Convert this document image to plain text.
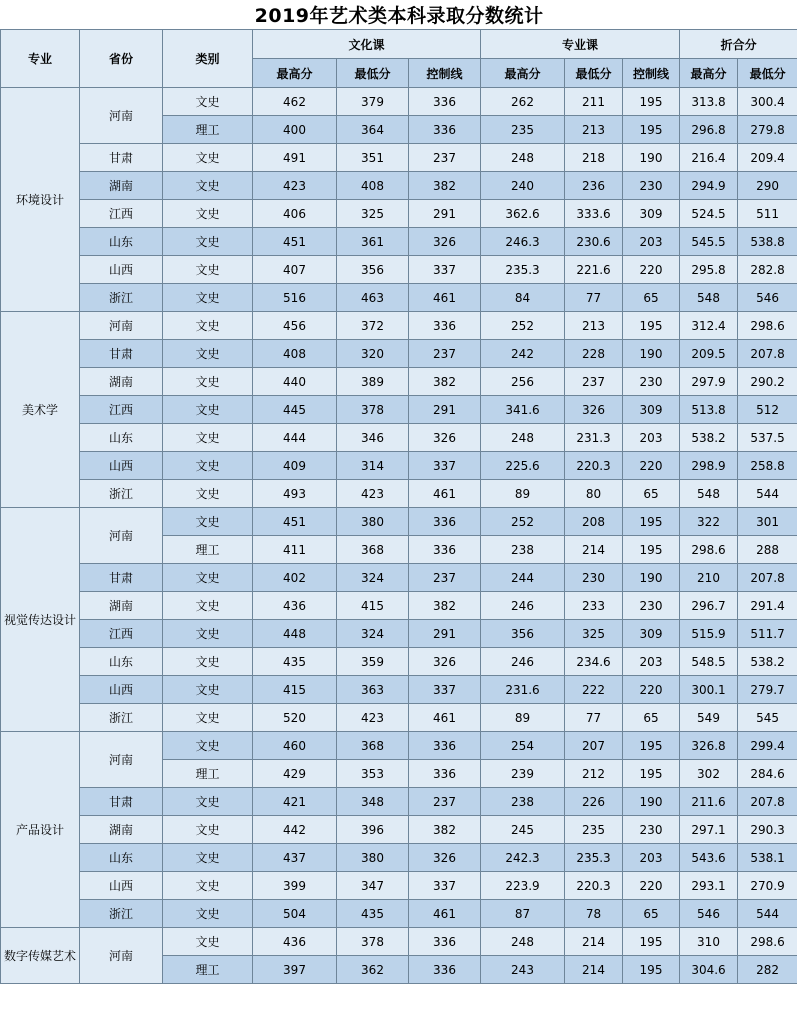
2019年艺术类本科录取分数统计										
专业	省份	类别	文化课			专业课			折合分	
			最高分	最低分	控制线	最高分	最低分	控制线	最高分	最低分
环境设计	河南	文史	462	379	336	262	211	195	313.8	300.4
		理工	400	364	336	235	213	195	296.8	279.8
	甘肃	文史	491	351	237	248	218	190	216.4	209.4
	湖南	文史	423	408	382	240	236	230	294.9	290
	江西	文史	406	325	291	362.6	333.6	309	524.5	511
	山东	文史	451	361	326	246.3	230.6	203	545.5	538.8
	山西	文史	407	356	337	235.3	221.6	220	295.8	282.8
	浙江	文史	516	463	461	84	77	65	548	546
美术学	河南	文史	456	372	336	252	213	195	312.4	298.6
	甘肃	文史	408	320	237	242	228	190	209.5	207.8
	湖南	文史	440	389	382	256	237	230	297.9	290.2
	江西	文史	445	378	291	341.6	326	309	513.8	512
	山东	文史	444	346	326	248	231.3	203	538.2	537.5
	山西	文史	409	314	337	225.6	220.3	220	298.9	258.8
	浙江	文史	493	423	461	89	80	65	548	544
视觉传达设计	河南	文史	451	380	336	252	208	195	322	301
		理工	411	368	336	238	214	195	298.6	288
	甘肃	文史	402	324	237	244	230	190	210	207.8
	湖南	文史	436	415	382	246	233	230	296.7	291.4
	江西	文史	448	324	291	356	325	309	515.9	511.7
	山东	文史	435	359	326	246	234.6	203	548.5	538.2
	山西	文史	415	363	337	231.6	222	220	300.1	279.7
	浙江	文史	520	423	461	89	77	65	549	545
产品设计	河南	文史	460	368	336	254	207	195	326.8	299.4
		理工	429	353	336	239	212	195	302	284.6
	甘肃	文史	421	348	237	238	226	190	211.6	207.8
	湖南	文史	442	396	382	245	235	230	297.1	290.3
	山东	文史	437	380	326	242.3	235.3	203	543.6	538.1
	山西	文史	399	347	337	223.9	220.3	220	293.1	270.9
	浙江	文史	504	435	461	87	78	65	546	544
数字传媒艺术	河南	文史	436	378	336	248	214	195	310	298.6
		理工	397	362	336	243	214	195	304.6	282
